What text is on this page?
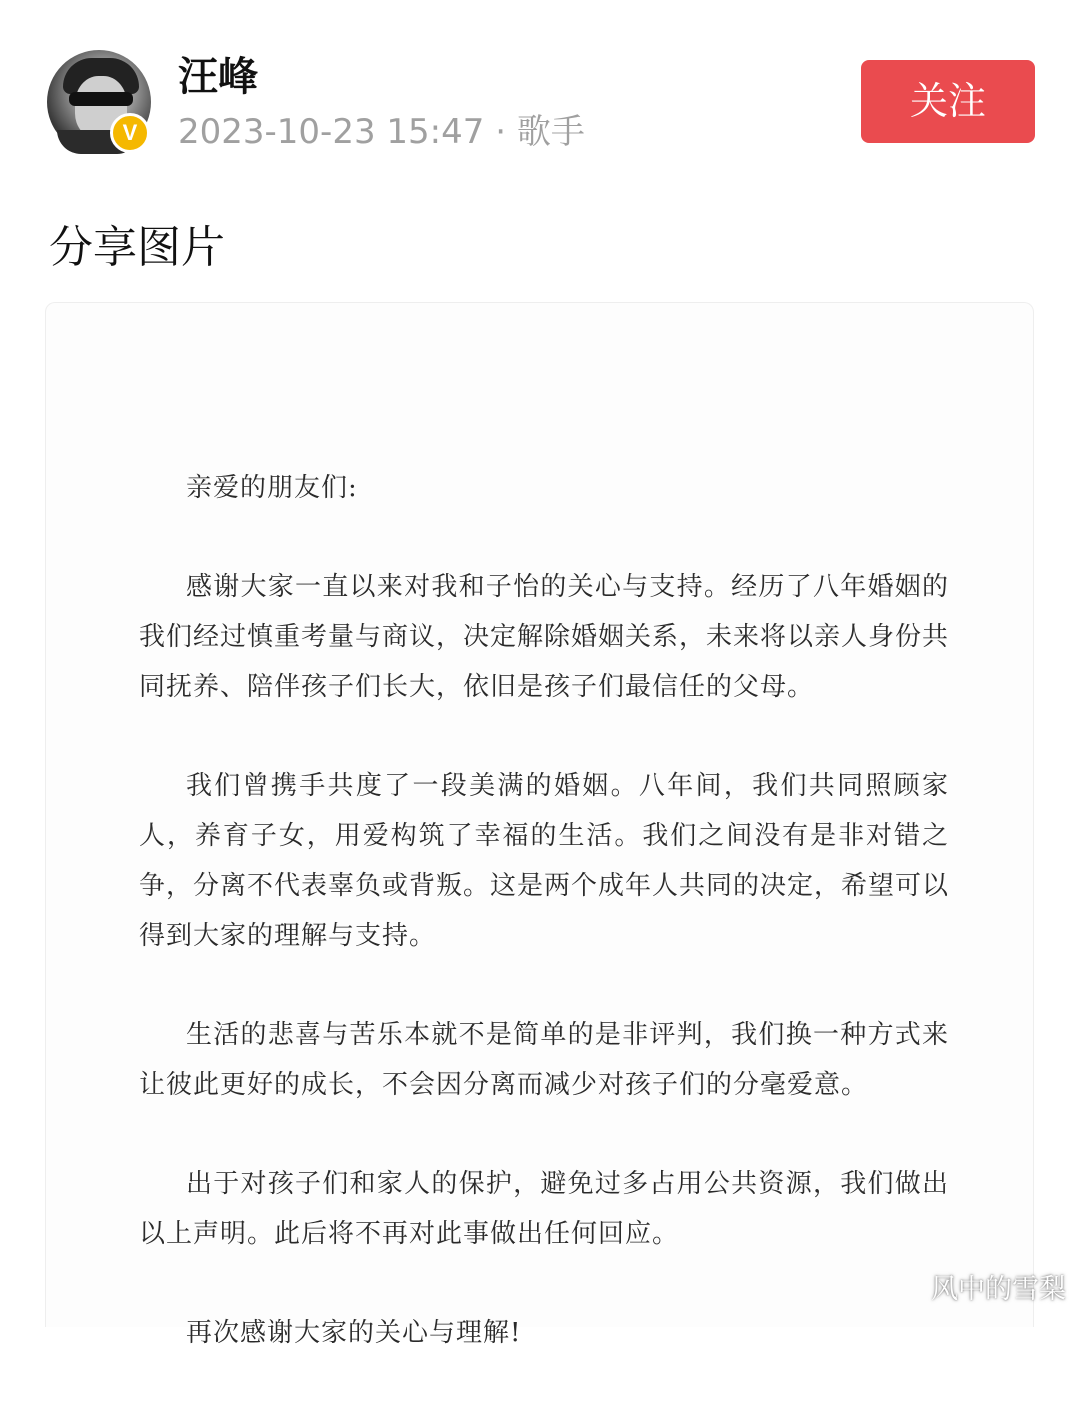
V
汪峰
2023-10-23 15:47 · 歌手
关注
分享图片

亲爱的朋友们:

感谢大家一直以来对我和子怡的关心与支持。经历了八年婚姻的我们经过慎重考量与商议，决定解除婚姻关系，未来将以亲人身份共同抚养、陪伴孩子们长大，依旧是孩子们最信任的父母。

我们曾携手共度了一段美满的婚姻。八年间，我们共同照顾家人，养育子女，用爱构筑了幸福的生活。我们之间没有是非对错之争，分离不代表辜负或背叛。这是两个成年人共同的决定，希望可以得到大家的理解与支持。

生活的悲喜与苦乐本就不是简单的是非评判，我们换一种方式来让彼此更好的成长，不会因分离而减少对孩子们的分毫爱意。

出于对孩子们和家人的保护，避免过多占用公共资源，我们做出以上声明。此后将不再对此事做出任何回应。

再次感谢大家的关心与理解!

风中的雪梨
